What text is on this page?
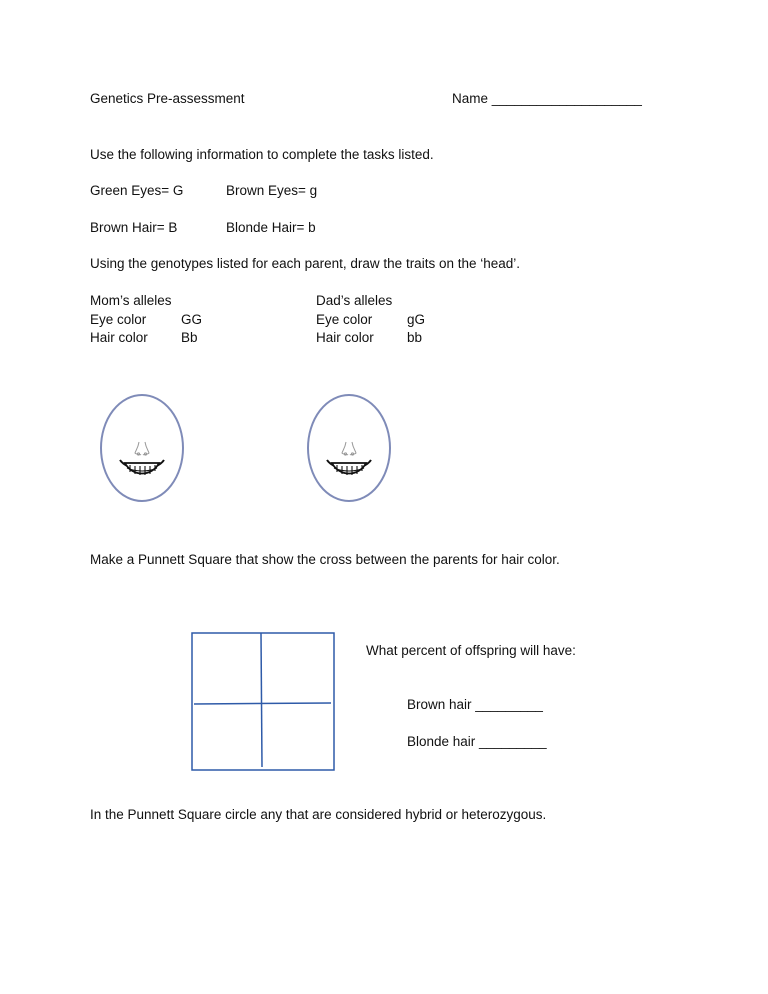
Genetics Pre-assessment	Name ____________________
Use the following information to complete the tasks listed.
Green Eyes= G	Brown Eyes= g
Brown Hair= B	Blonde Hair= b
Using the genotypes listed for each parent, draw the traits on the ‘head’.
Mom’s alleles
Eye color	GG
Hair color Bb
Dad’s alleles
Eye color	gG
Hair color bb
Make a Punnett Square that show the cross between the parents for hair color.
What percent of offspring will have:
Brown hair _________
Blonde hair _________
In the Punnett Square circle any that are considered hybrid or heterozygous.
